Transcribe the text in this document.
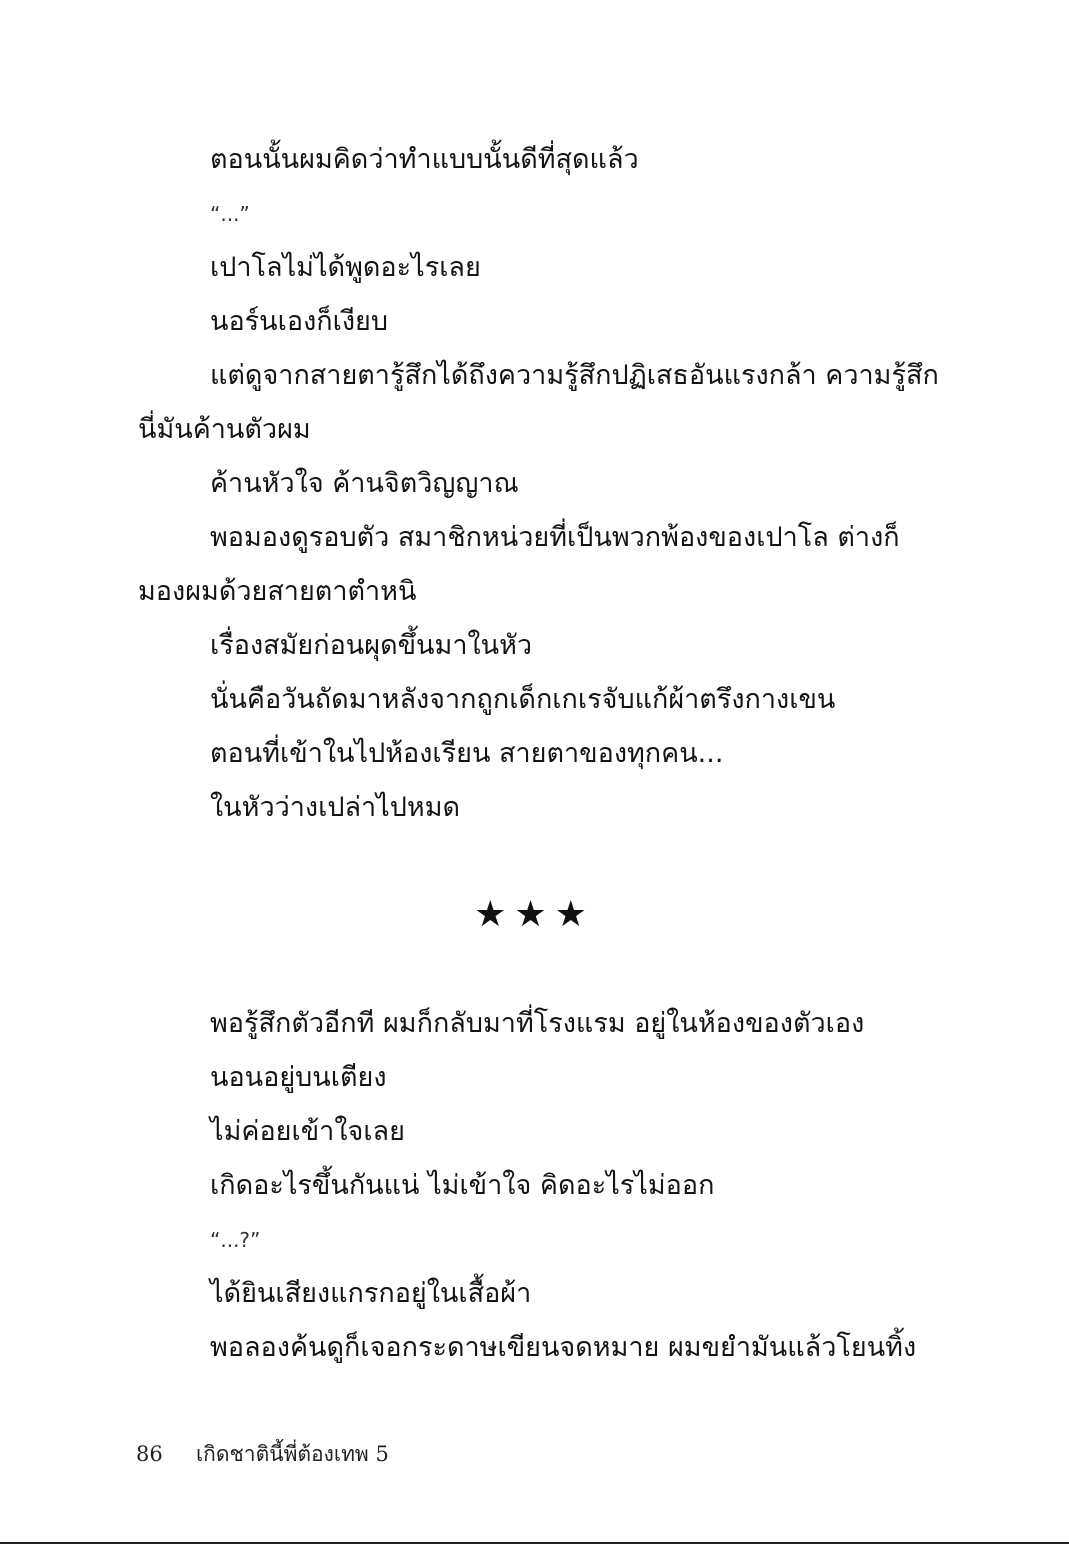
ตอนนั้นผมคิดว่าทำแบบนั้นดีที่สุดแล้ว
“...”
เปาโลไม่ได้พูดอะไรเลย
นอร์นเองก็เงียบ
แต่ดูจากสายตารู้สึกได้ถึงความรู้สึกปฏิเสธอันแรงกล้า ความรู้สึก
นี่มันค้านตัวผม
ค้านหัวใจ ค้านจิตวิญญาณ
พอมองดูรอบตัว สมาชิกหน่วยที่เป็นพวกพ้องของเปาโล ต่างก็
มองผมด้วยสายตาตำหนิ
เรื่องสมัยก่อนผุดขึ้นมาในหัว
นั่นคือวันถัดมาหลังจากถูกเด็กเกเรจับแก้ผ้าตรึงกางเขน
ตอนที่เข้าในไปห้องเรียน สายตาของทุกคน...
ในหัวว่างเปล่าไปหมด
★★★
พอรู้สึกตัวอีกที ผมก็กลับมาที่โรงแรม อยู่ในห้องของตัวเอง
นอนอยู่บนเตียง
ไม่ค่อยเข้าใจเลย
เกิดอะไรขึ้นกันแน่ ไม่เข้าใจ คิดอะไรไม่ออก
“...?”
ได้ยินเสียงแกรกอยู่ในเสื้อผ้า
พอลองค้นดูก็เจอกระดาษเขียนจดหมาย ผมขยำมันแล้วโยนทิ้ง
86 เกิดชาตินี้พี่ต้องเทพ 5
